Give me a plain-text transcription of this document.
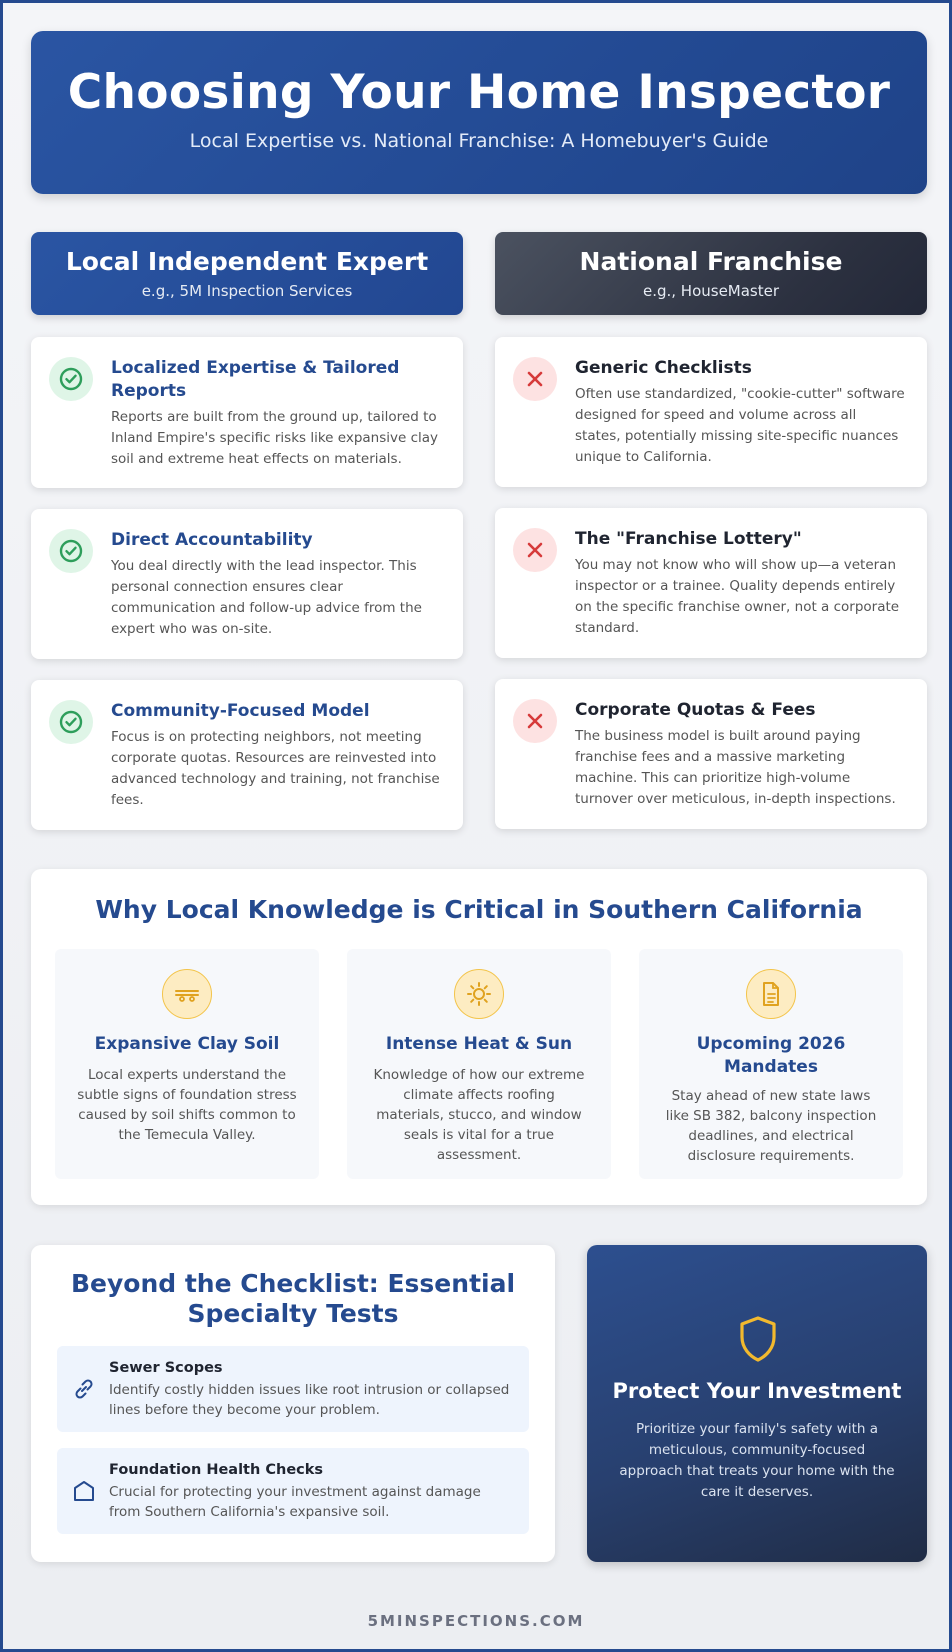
Choosing Your Home Inspector
Local Expertise vs. National Franchise: A Homebuyer's Guide
Local Independent Expert
e.g., 5M Inspection Services
National Franchise
e.g., HouseMaster
Localized Expertise & Tailored Reports
Reports are built from the ground up, tailored to Inland Empire's specific risks like expansive clay soil and extreme heat effects on materials.
Direct Accountability
You deal directly with the lead inspector. This personal connection ensures clear communication and follow-up advice from the expert who was on-site.
Community-Focused Model
Focus is on protecting neighbors, not meeting corporate quotas. Resources are reinvested into advanced technology and training, not franchise fees.
Generic Checklists
Often use standardized, "cookie-cutter" software designed for speed and volume across all states, potentially missing site-specific nuances unique to California.
The "Franchise Lottery"
You may not know who will show up—a veteran inspector or a trainee. Quality depends entirely on the specific franchise owner, not a corporate standard.
Corporate Quotas & Fees
The business model is built around paying franchise fees and a massive marketing machine. This can prioritize high-volume turnover over meticulous, in-depth inspections.
Why Local Knowledge is Critical in Southern California
Expansive Clay Soil
Local experts understand the subtle signs of foundation stress caused by soil shifts common to the Temecula Valley.
Intense Heat & Sun
Knowledge of how our extreme climate affects roofing materials, stucco, and window seals is vital for a true assessment.
Upcoming 2026 Mandates
Stay ahead of new state laws like SB 382, balcony inspection deadlines, and electrical disclosure requirements.
Beyond the Checklist: Essential Specialty Tests
Sewer Scopes
Identify costly hidden issues like root intrusion or collapsed lines before they become your problem.
Foundation Health Checks
Crucial for protecting your investment against damage from Southern California's expansive soil.
Protect Your Investment
Prioritize your family's safety with a meticulous, community-focused approach that treats your home with the care it deserves.
5MINSPECTIONS.COM
